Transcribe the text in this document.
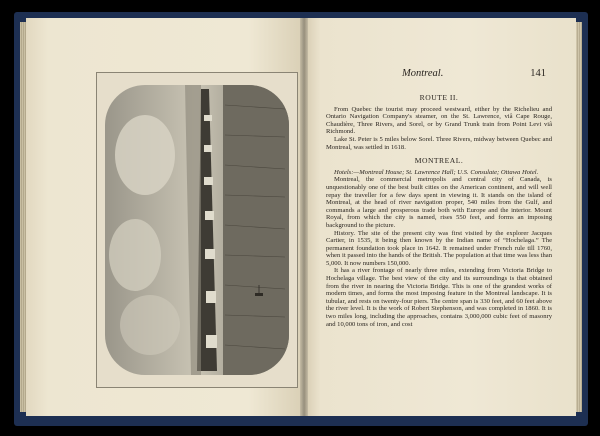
Montreal.	141
ROUTE II.

From Quebec the tourist may proceed westward, either by the Richelieu and Ontario Navigation Company's steamer, on the St. Lawrence, viâ Cape Rouge, Chaudière, Three Rivers, and Sorel, or by Grand Trunk train from Point Levi viâ Richmond.

Lake St. Peter is 5 miles below Sorel. Three Rivers, midway between Quebec and Montreal, was settled in 1618.

MONTREAL.

Hotels:—Montreal House; St. Lawrence Hall; U.S. Consulate; Ottawa Hotel.

Montreal, the commercial metropolis and central city of Canada, is unquestionably one of the best built cities on the American continent, and will well repay the traveller for a few days spent in viewing it. It stands on the island of Montreal, at the head of river navigation proper, 540 miles from the Gulf, and commands a large and prosperous trade both with Europe and the interior. Mount Royal, from which the city is named, rises 550 feet, and forms an imposing background to the picture.

History. The site of the present city was first visited by the explorer Jacques Cartier, in 1535, it being then known by the Indian name of “Hochelaga.” The permanent foundation took place in 1642. It remained under French rule till 1760, when it passed into the hands of the British. The population at that time was less than 5,000. It now numbers 150,000.

It has a river frontage of nearly three miles, extending from Victoria Bridge to Hochelaga village. The best view of the city and its surroundings is that obtained from the river in nearing the Victoria Bridge. This is one of the grandest works of modern times, and forms the most imposing feature in the Montreal landscape. It is tubular, and rests on twenty-four piers. The centre span is 330 feet, and 60 feet above the river level. It is the work of Robert Stephenson, and was completed in 1860. It is two miles long, including the approaches, contains 3,000,000 cubic feet of masonry and 10,000 tons of iron, and cost
